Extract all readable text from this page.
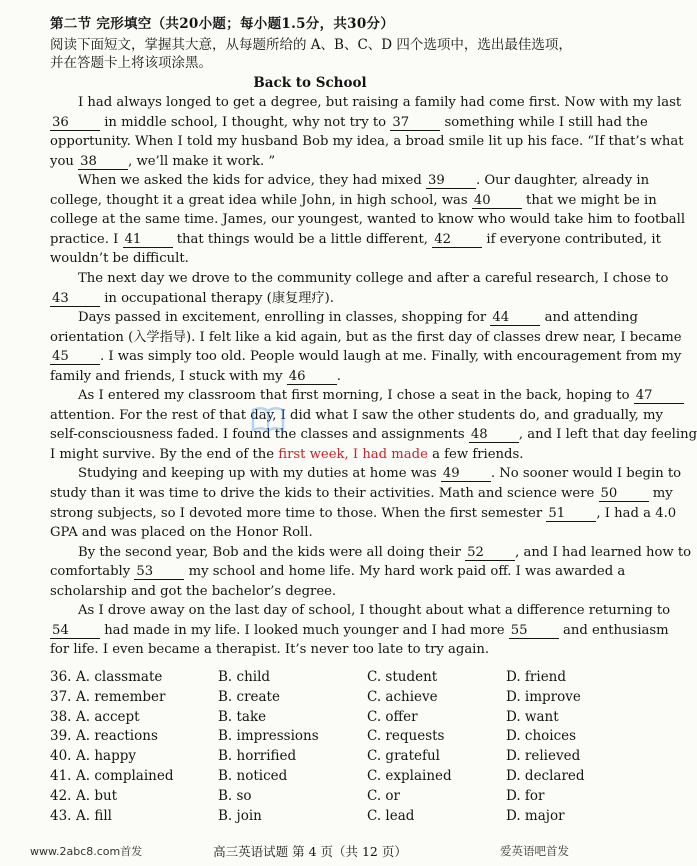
第二节 完形填空（共20小题；每小题1.5分，共30分）
阅读下面短文，掌握其大意，从每题所给的 A、B、C、D 四个选项中，选出最佳选项，
并在答题卡上将该项涂黑。
Back to School
I had always longed to get a degree, but raising a family had come first. Now with my last
36 in middle school, I thought, why not try to 37 something while I still had the
opportunity. When I told my husband Bob my idea, a broad smile lit up his face. “If that’s what
you 38 , we’ll make it work. ”
When we asked the kids for advice, they had mixed 39 . Our daughter, already in
college, thought it a great idea while John, in high school, was 40 that we might be in
college at the same time. James, our youngest, wanted to know who would take him to football
practice. I 41 that things would be a little different, 42 if everyone contributed, it
wouldn’t be difficult.
The next day we drove to the community college and after a careful research, I chose to
43 in occupational therapy (康复理疗).
Days passed in excitement, enrolling in classes, shopping for 44 and attending
orientation (入学指导). I felt like a kid again, but as the first day of classes drew near, I became
45 . I was simply too old. People would laugh at me. Finally, with encouragement from my
family and friends, I stuck with my 46 .
As I entered my classroom that first morning, I chose a seat in the back, hoping to 47
attention. For the rest of that day, I did what I saw the other students do, and gradually, my
self-consciousness faded. I found the classes and assignments 48 , and I left that day feeling
I might survive. By the end of the first week, I had made a few friends.
Studying and keeping up with my duties at home was 49 . No sooner would I begin to
study than it was time to drive the kids to their activities. Math and science were 50 my
strong subjects, so I devoted more time to those. When the first semester 51 , I had a 4.0
GPA and was placed on the Honor Roll.
By the second year, Bob and the kids were all doing their 52 , and I had learned how to
comfortably 53 my school and home life. My hard work paid off. I was awarded a
scholarship and got the bachelor’s degree.
As I drove away on the last day of school, I thought about what a difference returning to
54 had made in my life. I looked much younger and I had more 55 and enthusiasm
for life. I even became a therapist. It’s never too late to try again.
36. A. classmate	B. child	C. student	D. friend
37. A. remember	B. create	C. achieve	D. improve
38. A. accept	B. take	C. offer	D. want
39. A. reactions	B. impressions	C. requests	D. choices
40. A. happy	B. horrified	C. grateful	D. relieved
41. A. complained	B. noticed	C. explained	D. declared
42. A. but	B. so	C. or	D. for
43. A. fill	B. join	C. lead	D. major
www.2abc8.com首发	高三英语试题 第 4 页（共 12 页）	爱英语吧首发
